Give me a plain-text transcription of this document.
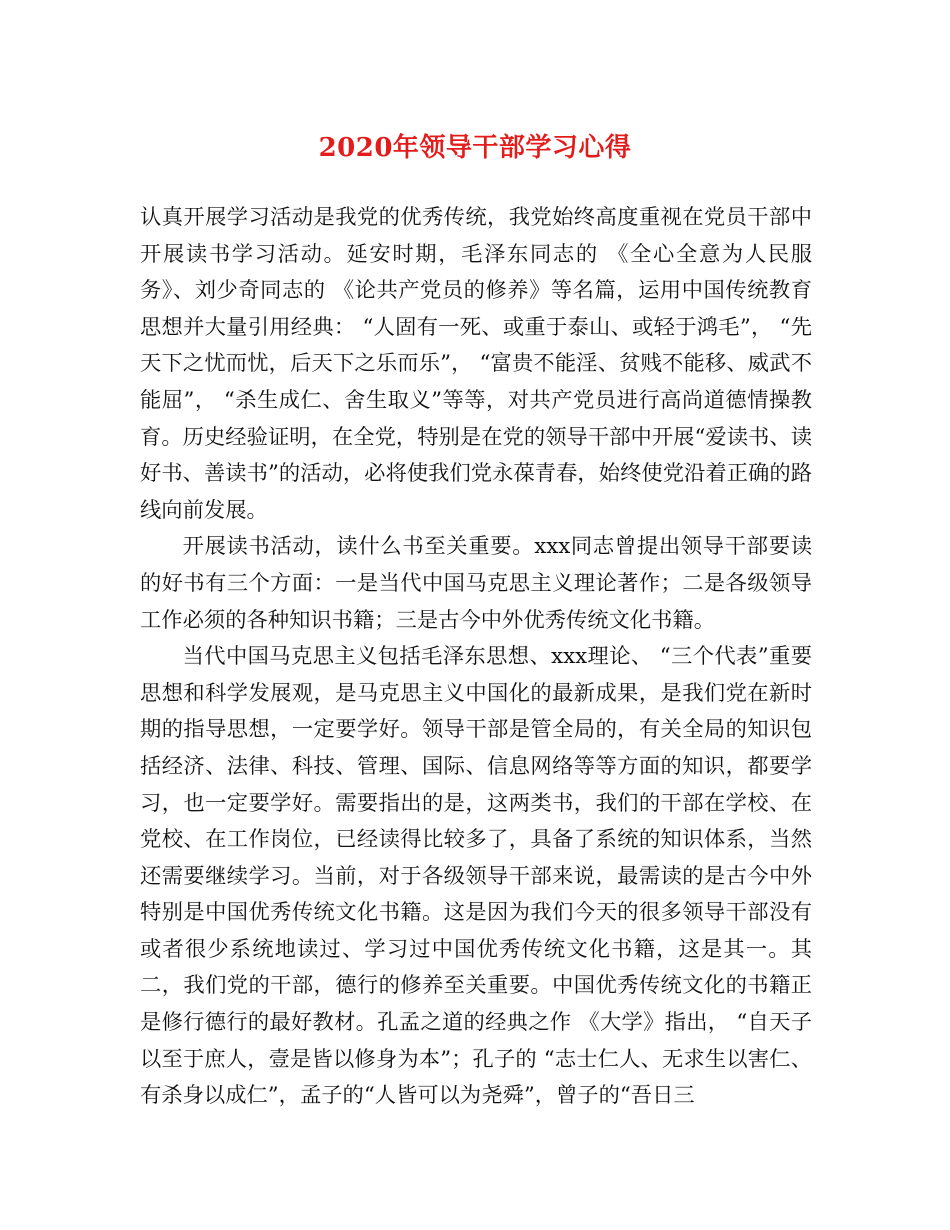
2020年领导干部学习心得

认真开展学习活动是我党的优秀传统，我党始终高度重视在党员干部中开展读书学习活动。延安时期，毛泽东同志的 《全心全意为人民服务》、刘少奇同志的 《论共产党员的修养》等名篇，运用中国传统教育思想并大量引用经典： “人固有一死、或重于泰山、或轻于鸿毛”， “先天下之忧而忧，后天下之乐而乐”， “富贵不能淫、贫贱不能移、威武不能屈”， “杀生成仁、舍生取义”等等，对共产党员进行高尚道德情操教育。历史经验证明，在全党，特别是在党的领导干部中开展“爱读书、读好书、善读书”的活动，必将使我们党永葆青春，始终使党沿着正确的路线向前发展。

开展读书活动，读什么书至关重要。xxx同志曾提出领导干部要读的好书有三个方面：一是当代中国马克思主义理论著作；二是各级领导工作必须的各种知识书籍；三是古今中外优秀传统文化书籍。

当代中国马克思主义包括毛泽东思想、xxx理论、 “三个代表”重要思想和科学发展观，是马克思主义中国化的最新成果，是我们党在新时期的指导思想，一定要学好。领导干部是管全局的，有关全局的知识包括经济、法律、科技、管理、国际、信息网络等等方面的知识，都要学习，也一定要学好。需要指出的是，这两类书，我们的干部在学校、在党校、在工作岗位，已经读得比较多了，具备了系统的知识体系，当然还需要继续学习。当前，对于各级领导干部来说，最需读的是古今中外特别是中国优秀传统文化书籍。这是因为我们今天的很多领导干部没有或者很少系统地读过、学习过中国优秀传统文化书籍，这是其一。其二，我们党的干部，德行的修养至关重要。中国优秀传统文化的书籍正是修行德行的最好教材。孔孟之道的经典之作 《大学》指出， “自天子以至于庶人，壹是皆以修身为本”；孔子的 “志士仁人、无求生以害仁、有杀身以成仁”，孟子的“人皆可以为尧舜”，曾子的“吾日三
